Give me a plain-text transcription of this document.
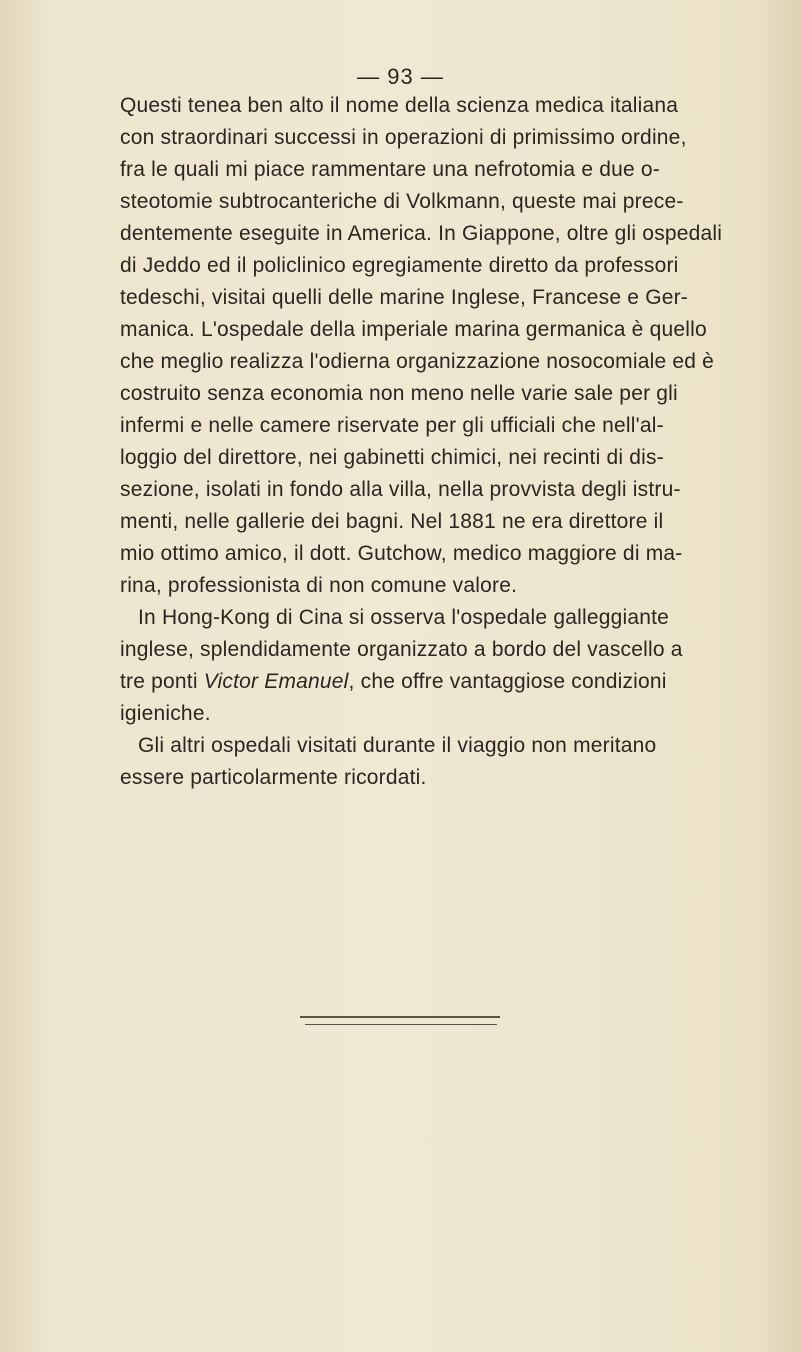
— 93 —
Questi tenea ben alto il nome della scienza medica italiana
con straordinari successi in operazioni di primissimo ordine,
fra le quali mi piace rammentare una nefrotomia e due o-
steotomie subtrocanteriche di Volkmann, queste mai prece-
dentemente eseguite in America. In Giappone, oltre gli ospedali
di Jeddo ed il policlinico egregiamente diretto da professori
tedeschi, visitai quelli delle marine Inglese, Francese e Ger-
manica. L'ospedale della imperiale marina germanica è quello
che meglio realizza l'odierna organizzazione nosocomiale ed è
costruito senza economia non meno nelle varie sale per gli
infermi e nelle camere riservate per gli ufficiali che nell'al-
loggio del direttore, nei gabinetti chimici, nei recinti di dis-
sezione, isolati in fondo alla villa, nella provvista degli istru-
menti, nelle gallerie dei bagni. Nel 1881 ne era direttore il
mio ottimo amico, il dott. Gutchow, medico maggiore di ma-
rina, professionista di non comune valore.
In Hong-Kong di Cina si osserva l'ospedale galleggiante
inglese, splendidamente organizzato a bordo del vascello a
tre ponti Victor Emanuel, che offre vantaggiose condizioni
igieniche.
Gli altri ospedali visitati durante il viaggio non meritano
essere particolarmente ricordati.
